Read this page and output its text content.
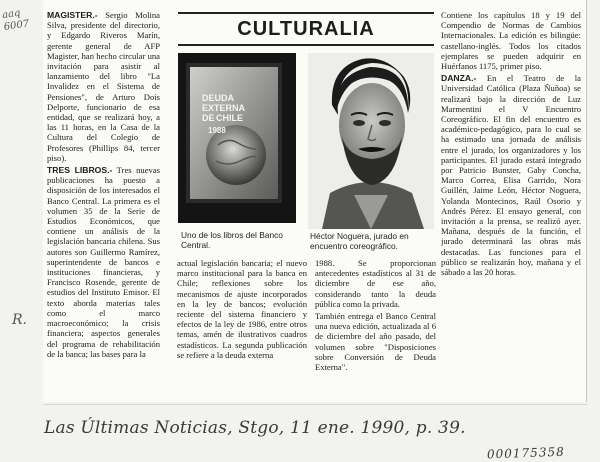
aaq 6007
R.
CULTURALIA

MAGISTER.- Sergio Molina Silva, presidente del directorio, y Edgardo Riveros Marín, gerente general de AFP Magister, han hecho circular una invitación para asistir al lanzamiento del libro "La Invalidez en el Sistema de Pensiones", de Arturo Doís Delporte, funcionario de esa entidad, que se realizará hoy, a las 11 horas, en la Casa de la Cultura del Colegio de Profesores (Phillips 84, tercer piso).

TRES LIBROS.- Tres nuevas publicaciones ha puesto a disposición de los interesados el Banco Central. La primera es el volumen 35 de la Serie de Estudios Económicos, que contiene un análisis de la legislación bancaria chilena. Sus autores son Guillermo Ramírez, superintendente de bancos e instituciones financieras, y Francisco Rosende, gerente de estudios del Instituto Emisor. El texto aborda materias tales como el marco macroeconómico; la crisis financiera; aspectos generales del programa de rehabilitación de la banca; las bases para la

DEUDA
EXTERNA
DE CHILE
1988
Uno de los libros del Banco Central.
Héctor Noguera, jurado en encuentro coreográfico.

actual legislación bancaria; el nuevo marco institucional para la banca en Chile; reflexiones sobre los mecanismos de ajuste incorporados en la ley de bancos; evolución reciente del sistema financiero y efectos de la ley de 1986, entre otros temas, amén de ilustrativos cuadros estadísticos. La segunda publicación se refiere a la deuda externa

1988. Se proporcionan antecedentes estadísticos al 31 de diciembre de ese año, considerando tanto la deuda pública como la privada.

También entrega el Banco Central una nueva edición, actualizada al 6 de diciembre del año pasado, del volumen sobre "Disposiciones sobre Conversión de Deuda Externa".

Contiene los capítulos 18 y 19 del Compendio de Normas de Cambios Internacionales. La edición es bilingüe: castellano-inglés. Todos los citados ejemplares se pueden adquirir en Huérfanos 1175, primer piso.

DANZA.- En el Teatro de la Universidad Católica (Plaza Ñuñoa) se realizará bajo la dirección de Luz Marmentini el V Encuentro Coreográfico. El fin del encuentro es académico-pedagógico, para lo cual se ha estimado una jornada de análisis entre el jurado, los organizadores y los participantes. El jurado estará integrado por Patricio Bunster, Gaby Concha, Marco Correa, Elisa Garrido, Nora Guillén, Jaime León, Héctor Noguera, Yolanda Montecinos, Raúl Osorio y Andrés Pérez. El ensayo general, con invitación a la prensa, se realizó ayer. Mañana, después de la función, el jurado determinará las obras más destacadas. Las funciones para el público se realizarán hoy, mañana y el sábado a las 20 horas.

Las Últimas Noticias, Stgo, 11 ene. 1990, p. 39.
000175358
